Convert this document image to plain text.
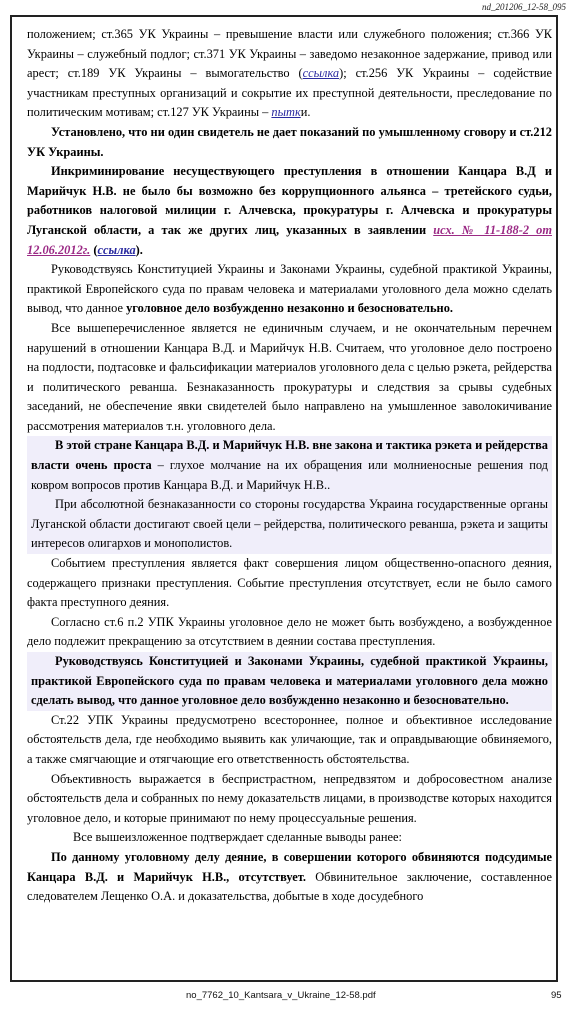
nd_201206_12-58_095

положением; ст.365 УК Украины – превышение власти или служебного положения; ст.366 УК Украины – служебный подлог; ст.371 УК Украины – заведомо незаконное задержание, привод или арест; ст.189 УК Украины – вымогательство (ссылка); ст.256 УК Украины – содействие участникам преступных организаций и сокрытие их преступной деятельности, преследование по политическим мотивам; ст.127 УК Украины – пытки.

Установлено, что ни один свидетель не дает показаний по умышленному сговору и ст.212 УК Украины.

Инкриминирование несуществующего преступления в отношении Канцара В.Д и Марийчук Н.В. не было бы возможно без коррупционного альянса – третейского судьи, работников налоговой милиции г. Алчевска, прокуратуры г. Алчевска и прокуратуры Луганской области, а так же других лиц, указанных в заявлении исх. № 11-188-2 от 12.06.2012г. (ссылка).

Руководствуясь Конституцией Украины и Законами Украины, судебной практикой Украины, практикой Европейского суда по правам человека и материалами уголовного дела можно сделать вывод, что данное уголовное дело возбужденно незаконно и безосновательно.

Все вышеперечисленное является не единичным случаем, и не окончательным перечнем нарушений в отношении Канцара В.Д. и Марийчук Н.В. Считаем, что уголовное дело построено на подлости, подтасовке и фальсификации материалов уголовного дела с целью рэкета, рейдерства и политического реванша. Безнаказанность прокуратуры и следствия за срывы судебных заседаний, не обеспечение явки свидетелей было направлено на умышленное заволокичивание рассмотрения материалов т.н. уголовного дела.

В этой стране Канцара В.Д. и Марийчук Н.В. вне закона и тактика рэкета и рейдерства власти очень проста – глухое молчание на их обращения или молниеносные решения под ковром вопросов против Канцара В.Д. и Марийчук Н.В..

При абсолютной безнаказанности со стороны государства Украина государственные органы Луганской области достигают своей цели – рейдерства, политического реванша, рэкета и защиты интересов олигархов и монополистов.

Событием преступления является факт совершения лицом общественно-опасного деяния, содержащего признаки преступления. Событие преступления отсутствует, если не было самого факта преступного деяния.

Согласно ст.6 п.2 УПК Украины уголовное дело не может быть возбуждено, а возбужденное дело подлежит прекращению за отсутствием в деянии состава преступления.

Руководствуясь Конституцией и Законами Украины, судебной практикой Украины, практикой Европейского суда по правам человека и материалами уголовного дела можно сделать вывод, что данное уголовное дело возбужденно незаконно и безосновательно.

Ст.22 УПК Украины предусмотрено всестороннее, полное и объективное исследование обстоятельств дела, где необходимо выявить как уличающие, так и оправдывающие обвиняемого, а также смягчающие и отягчающие его ответственность обстоятельства.

Объективность выражается в беспристрастном, непредвзятом и добросовестном анализе обстоятельств дела и собранных по нему доказательств лицами, в производстве которых находится уголовное дело, и которые принимают по нему процессуальные решения.

Все вышеизложенное подтверждает сделанные выводы ранее:

По данному уголовному делу деяние, в совершении которого обвиняются подсудимые Канцара В.Д. и Марийчук Н.В., отсутствует. Обвинительное заключение, составленное следователем Лещенко О.А. и доказательства, добытые в ходе досудебного

no_7762_10_Kantsara_v_Ukraine_12-58.pdf	95
